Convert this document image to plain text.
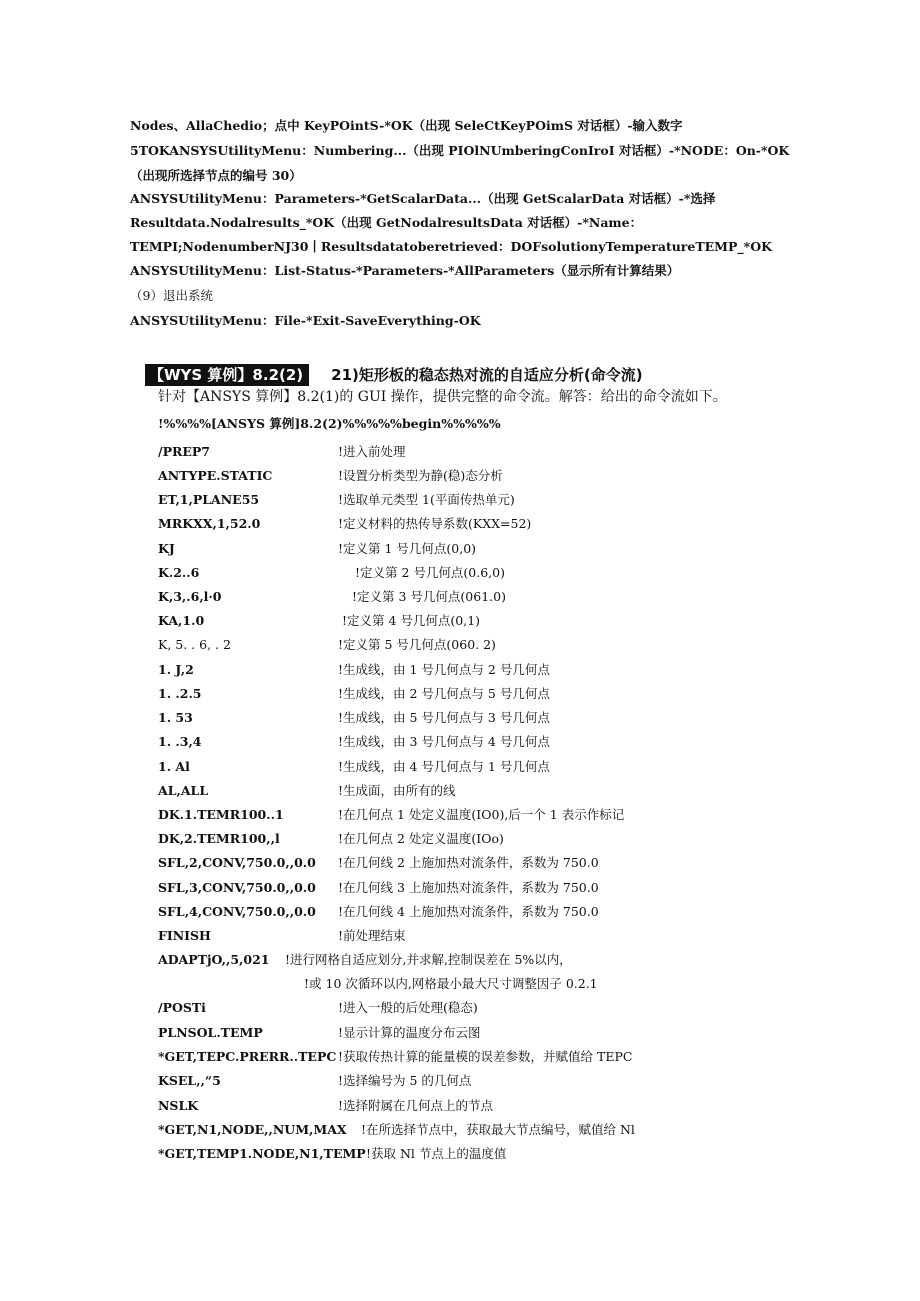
Nodes、AllaChedio；点中 KeyPOintS-*OK（出现 SeleCtKeyPOimS 对话框）-输入数字
5TOKANSYSUtilityMenu：Numbering...（出现 PIOlNUmberingConIroI 对话框）-*NODE：On-*OK（出现所选择节点的编号 30）
ANSYSUtilityMenu：Parameters-*GetScalarData...（出现 GetScalarData 对话框）-*选择
Resultdata.Nodalresults_*OK（出现 GetNodalresultsData 对话框）-*Name：
TEMPI;NodenumberNJ30丨Resultsdatatoberetrieved：DOFsolutionyTemperatureTEMP_*OK
ANSYSUtilityMenu：List-Status-*Parameters-*AllParameters（显示所有计算结果）
（9）退出系统
ANSYSUtilityMenu：File-*Exit-SaveEverything-OK
【WYS 算例】8.2(2) 21)矩形板的稳态热对流的自适应分析(命令流)
针对【ANSYS 算例】8.2(1)的 GUI 操作，提供完整的命令流。解答：给出的命令流如下。
!%%%%[ANSYS 算例]8.2(2)%%%%%begin%%%%%
/PREP7	!进入前处理
ANTYPE.STATIC	!设置分析类型为静(稳)态分析
ET,1,PLANE55	!选取单元类型 1(平面传热单元)
MRKXX,1,52.0	!定义材料的热传导系数(KXX=52)
KJ	!定义第 1 号几何点(0,0)
K.2..6	!定义第 2 号几何点(0.6,0)
K,3,.6,l·0	!定义第 3 号几何点(061.0)
KA,1.0	!定义第 4 号几何点(0,1)
K, 5. . 6, . 2	!定义第 5 号几何点(060. 2)
1. J,2	!生成线，由 1 号几何点与 2 号几何点
1. .2.5	!生成线，由 2 号几何点与 5 号几何点
1. 53	!生成线，由 5 号几何点与 3 号几何点
1. .3,4	!生成线，由 3 号几何点与 4 号几何点
1. Al	!生成线，由 4 号几何点与 1 号几何点
AL,ALL	!生成面，由所有的线
DK.1.TEMR100..1	!在几何点 1 处定义温度(IO0),后一个 1 表示作标记
DK,2.TEMR100,,l	!在几何点 2 处定义温度(IOo)
SFL,2,CONV,750.0,,0.0 !在几何线 2 上施加热对流条件，系数为 750.0
SFL,3,CONV,750.0,,0.0 !在几何线 3 上施加热对流条件，系数为 750.0
SFL,4,CONV,750.0,,0.0 !在几何线 4 上施加热对流条件，系数为 750.0
FINISH	!前处理结束
ADAPTjO,,5,021 !进行网格自适应划分,并求解,控制误差在 5%以内，
!或 10 次循环以内,网格最小最大尺寸调整因子 0.2.1
/POSTi	!进入一般的后处理(稳态)
PLNSOL.TEMP	!显示计算的温度分布云图
*GET,TEPC.PRERR..TEPC !获取传热计算的能量模的误差参数，并赋值给 TEPC
KSEL,,“5	!选择编号为 5 的几何点
NSLK	!选择附属在几何点上的节点
*GET,N1,NODE,,NUM,MAX !在所选择节点中，获取最大节点编号，赋值给 Nl
*GET,TEMP1.NODE,N1,TEMP !获取 Nl 节点上的温度值
